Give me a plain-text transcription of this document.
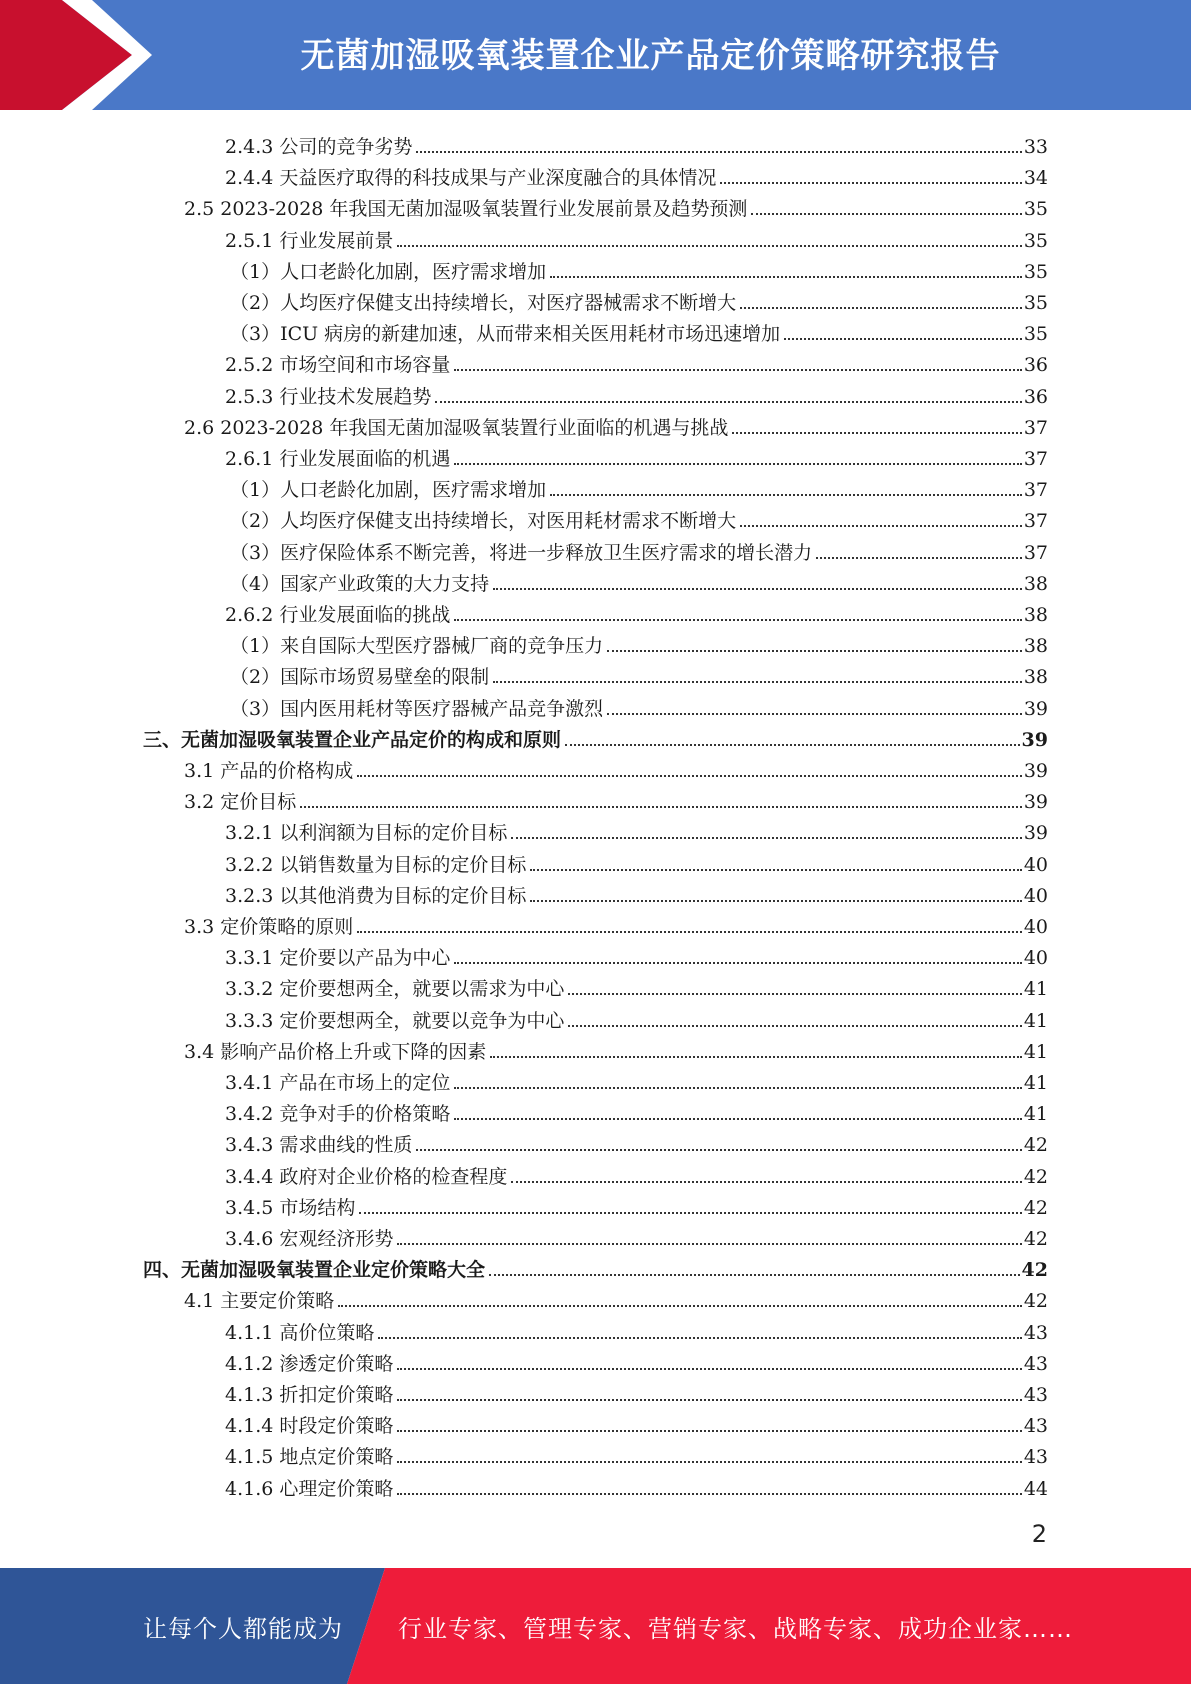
无菌加湿吸氧装置企业产品定价策略研究报告
2.4.3 公司的竞争劣势	33
2.4.4 天益医疗取得的科技成果与产业深度融合的具体情况	34
2.5 2023-2028 年我国无菌加湿吸氧装置行业发展前景及趋势预测	35
2.5.1 行业发展前景	35
（1）人口老龄化加剧，医疗需求增加	35
（2）人均医疗保健支出持续增长，对医疗器械需求不断增大	35
（3）ICU 病房的新建加速，从而带来相关医用耗材市场迅速增加	35
2.5.2 市场空间和市场容量	36
2.5.3 行业技术发展趋势	36
2.6 2023-2028 年我国无菌加湿吸氧装置行业面临的机遇与挑战	37
2.6.1 行业发展面临的机遇	37
（1）人口老龄化加剧，医疗需求增加	37
（2）人均医疗保健支出持续增长，对医用耗材需求不断增大	37
（3）医疗保险体系不断完善，将进一步释放卫生医疗需求的增长潜力	37
（4）国家产业政策的大力支持	38
2.6.2 行业发展面临的挑战	38
（1）来自国际大型医疗器械厂商的竞争压力	38
（2）国际市场贸易壁垒的限制	38
（3）国内医用耗材等医疗器械产品竞争激烈	39
三、无菌加湿吸氧装置企业产品定价的构成和原则	39
3.1 产品的价格构成	39
3.2 定价目标	39
3.2.1 以利润额为目标的定价目标	39
3.2.2 以销售数量为目标的定价目标	40
3.2.3 以其他消费为目标的定价目标	40
3.3 定价策略的原则	40
3.3.1 定价要以产品为中心	40
3.3.2 定价要想两全，就要以需求为中心	41
3.3.3 定价要想两全，就要以竞争为中心	41
3.4 影响产品价格上升或下降的因素	41
3.4.1 产品在市场上的定位	41
3.4.2 竞争对手的价格策略	41
3.4.3 需求曲线的性质	42
3.4.4 政府对企业价格的检查程度	42
3.4.5 市场结构	42
3.4.6 宏观经济形势	42
四、无菌加湿吸氧装置企业定价策略大全	42
4.1 主要定价策略	42
4.1.1 高价位策略	43
4.1.2 渗透定价策略	43
4.1.3 折扣定价策略	43
4.1.4 时段定价策略	43
4.1.5 地点定价策略	43
4.1.6 心理定价策略	44
2
让每个人都能成为 行业专家、管理专家、营销专家、战略专家、成功企业家……
